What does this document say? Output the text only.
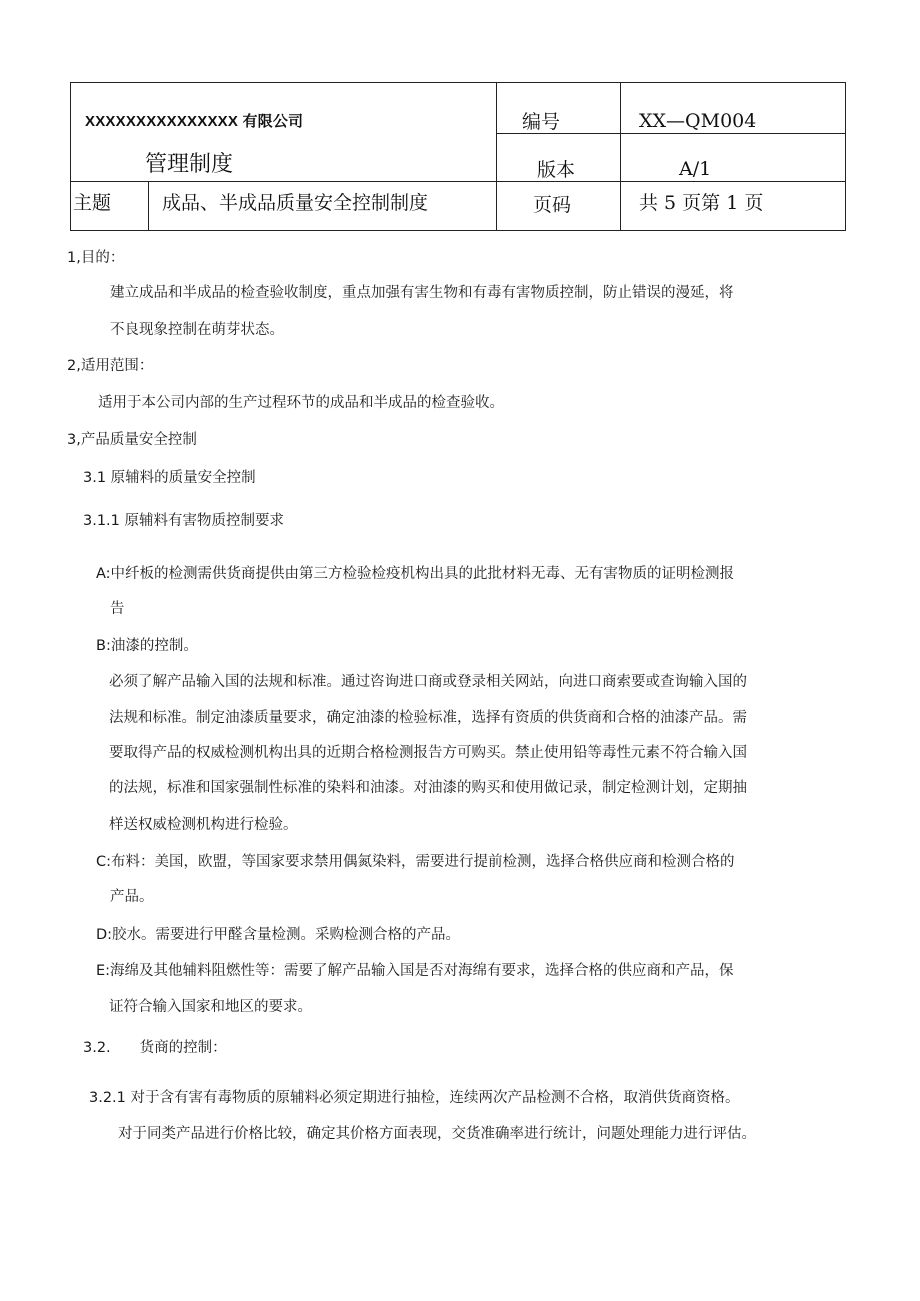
XXXXXXXXXXXXXXX 有限公司
管理制度
编号	XX—QM004
版本	A/1
主题	成品、半成品质量安全控制制度	页码	共 5 页第 1 页
1,目的：
建立成品和半成品的检查验收制度，重点加强有害生物和有毒有害物质控制，防止错误的漫延，将
不良现象控制在萌芽状态。
2,适用范围：
适用于本公司内部的生产过程环节的成品和半成品的检查验收。
3,产品质量安全控制
3.1 原辅料的质量安全控制
3.1.1 原辅料有害物质控制要求
A:中纤板的检测需供货商提供由第三方检验检疫机构出具的此批材料无毒、无有害物质的证明检测报
告
B:油漆的控制。
必须了解产品输入国的法规和标准。通过咨询进口商或登录相关网站，向进口商索要或查询输入国的
法规和标准。制定油漆质量要求，确定油漆的检验标准，选择有资质的供货商和合格的油漆产品。需
要取得产品的权威检测机构出具的近期合格检测报告方可购买。禁止使用铅等毒性元素不符合输入国
的法规，标准和国家强制性标准的染料和油漆。对油漆的购买和使用做记录，制定检测计划，定期抽
样送权威检测机构进行检验。
C:布料：美国，欧盟，等国家要求禁用偶氮染料，需要进行提前检测，选择合格供应商和检测合格的
产品。
D:胶水。需要进行甲醛含量检测。采购检测合格的产品。
E:海绵及其他辅料阻燃性等：需要了解产品输入国是否对海绵有要求，选择合格的供应商和产品，保
证符合输入国家和地区的要求。
3.2.　　货商的控制：
3.2.1 对于含有害有毒物质的原辅料必须定期进行抽检，连续两次产品检测不合格，取消供货商资格。
对于同类产品进行价格比较，确定其价格方面表现，交货准确率进行统计，问题处理能力进行评估。
